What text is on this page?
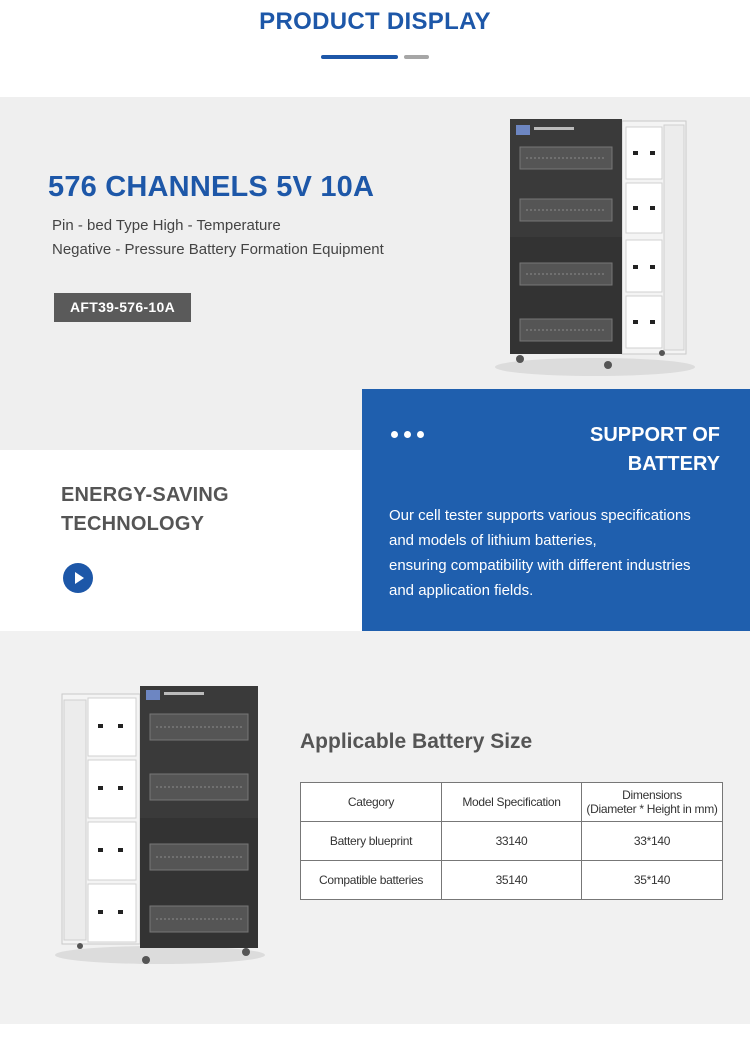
PRODUCT DISPLAY
576 CHANNELS 5V 10A
Pin - bed Type High - Temperature
Negative - Pressure Battery Formation Equipment
AFT39-576-10A
ENERGY-SAVING
TECHNOLOGY
SUPPORT OF
BATTERY
Our cell tester supports various specifications
and models of lithium batteries,
ensuring compatibility with different industries
and application fields.
Applicable Battery Size
Category	Model Specification	Dimensions
(Diameter * Height in mm)

Battery blueprint	33140	33*140
Compatible batteries	35140	35*140
